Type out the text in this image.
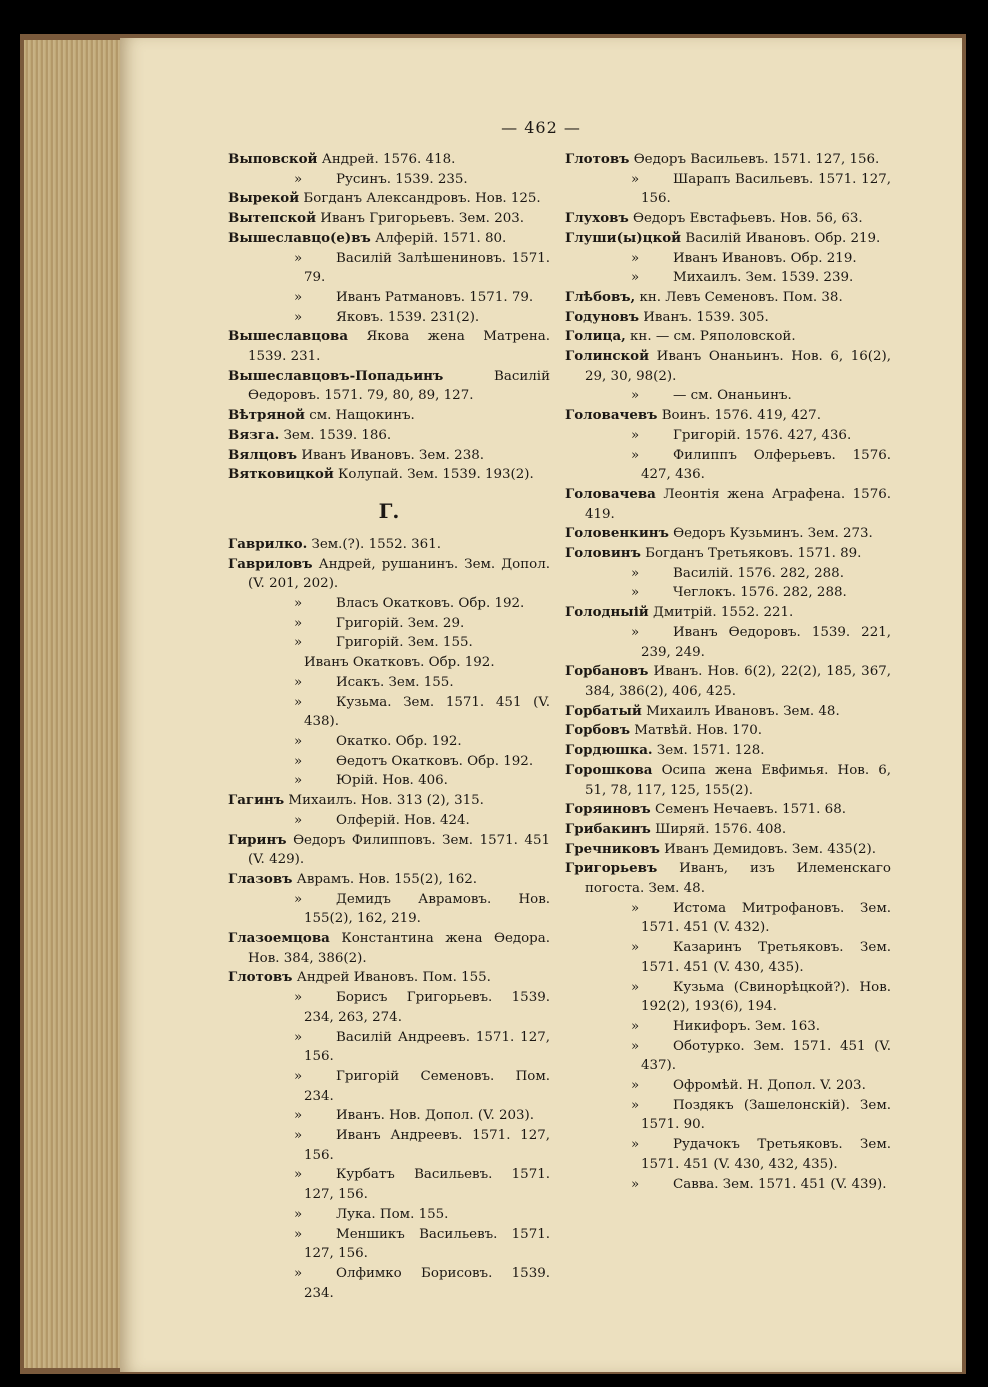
— 462 —
Выповской Андрей. 1576. 418.
»	Русинъ. 1539. 235.
Вырекой Богданъ Александровъ. Нов. 125.
Вытепской Иванъ Григорьевъ. Зем. 203.
Вышеславцо(е)въ Алферій. 1571. 80.
»	Василій Залѣшениновъ. 1571. 79.
»	Иванъ Ратмановъ. 1571. 79.
»	Яковъ. 1539. 231(2).
Вышеславцова Якова жена Матрена. 1539. 231.
Вышеславцовъ-Попадьинъ Василій Ѳедоровъ. 1571. 79, 80, 89, 127.
Вѣтряной см. Нащокинъ.
Вязга. Зем. 1539. 186.
Вялцовъ Иванъ Ивановъ. Зем. 238.
Вятковицкой Колупай. Зем. 1539. 193(2).
Г.
Гаврилко. Зем.(?). 1552. 361.
Гавриловъ Андрей, рушанинъ. Зем. Допол. (V. 201, 202).
»	Власъ Окатковъ. Обр. 192.
»	Григорій. Зем. 29.
»	Григорій. Зем. 155.
Иванъ Окатковъ. Обр. 192.
»	Исакъ. Зем. 155.
»	Кузьма. Зем. 1571. 451 (V. 438).
»	Окатко. Обр. 192.
»	Ѳедотъ Окатковъ. Обр. 192.
»	Юрій. Нов. 406.
Гагинъ Михаилъ. Нов. 313 (2), 315.
»	Олферій. Нов. 424.
Гиринъ Ѳедоръ Филипповъ. Зем. 1571. 451 (V. 429).
Глазовъ Аврамъ. Нов. 155(2), 162.
»	Демидъ Аврамовъ. Нов. 155(2), 162, 219.
Глазоемцова Константина жена Ѳедора. Нов. 384, 386(2).
Глотовъ Андрей Ивановъ. Пом. 155.
»	Борисъ Григорьевъ. 1539. 234, 263, 274.
»	Василій Андреевъ. 1571. 127, 156.
»	Григорій Семеновъ. Пом. 234.
»	Иванъ. Нов. Допол. (V. 203).
»	Иванъ Андреевъ. 1571. 127, 156.
»	Курбатъ Васильевъ. 1571. 127, 156.
»	Лука. Пом. 155.
»	Меншикъ Васильевъ. 1571. 127, 156.
»	Олфимко Борисовъ. 1539. 234.
Глотовъ Ѳедоръ Васильевъ. 1571. 127, 156.
»	Шарапъ Васильевъ. 1571. 127, 156.
Глуховъ Ѳедоръ Евстафьевъ. Нов. 56, 63.
Глуши(ы)цкой Василій Ивановъ. Обр. 219.
»	Иванъ Ивановъ. Обр. 219.
»	Михаилъ. Зем. 1539. 239.
Глѣбовъ, кн. Левъ Семеновъ. Пом. 38.
Годуновъ Иванъ. 1539. 305.
Голица, кн. — см. Ряполовской.
Голинской Иванъ Онаньинъ. Нов. 6, 16(2), 29, 30, 98(2).
»	— см. Онаньинъ.
Головачевъ Воинъ. 1576. 419, 427.
»	Григорій. 1576. 427, 436.
»	Филиппъ Олферьевъ. 1576. 427, 436.
Головачева Леонтія жена Аграфена. 1576. 419.
Головенкинъ Ѳедоръ Кузьминъ. Зем. 273.
Головинъ Богданъ Третьяковъ. 1571. 89.
»	Василій. 1576. 282, 288.
»	Чеглокъ. 1576. 282, 288.
Голодныій Дмитрій. 1552. 221.
»	Иванъ Ѳедоровъ. 1539. 221, 239, 249.
Горбановъ Иванъ. Нов. 6(2), 22(2), 185, 367, 384, 386(2), 406, 425.
Горбатый Михаилъ Ивановъ. Зем. 48.
Горбовъ Матвѣй. Нов. 170.
Гордюшка. Зем. 1571. 128.
Горошкова Осипа жена Евфимья. Нов. 6, 51, 78, 117, 125, 155(2).
Горяиновъ Семенъ Нечаевъ. 1571. 68.
Грибакинъ Ширяй. 1576. 408.
Гречниковъ Иванъ Демидовъ. Зем. 435(2).
Григорьевъ Иванъ, изъ Илеменскаго погоста. Зем. 48.
»	Истома Митрофановъ. Зем. 1571. 451 (V. 432).
»	Казаринъ Третьяковъ. Зем. 1571. 451 (V. 430, 435).
»	Кузьма (Свинорѣцкой?). Нов. 192(2), 193(6), 194.
»	Никифоръ. Зем. 163.
»	Оботурко. Зем. 1571. 451 (V. 437).
»	Офромѣй. Н. Допол. V. 203.
»	Поздякъ (Зашелонскій). Зем. 1571. 90.
»	Рудачокъ Третьяковъ. Зем. 1571. 451 (V. 430, 432, 435).
»	Савва. Зем. 1571. 451 (V. 439).
